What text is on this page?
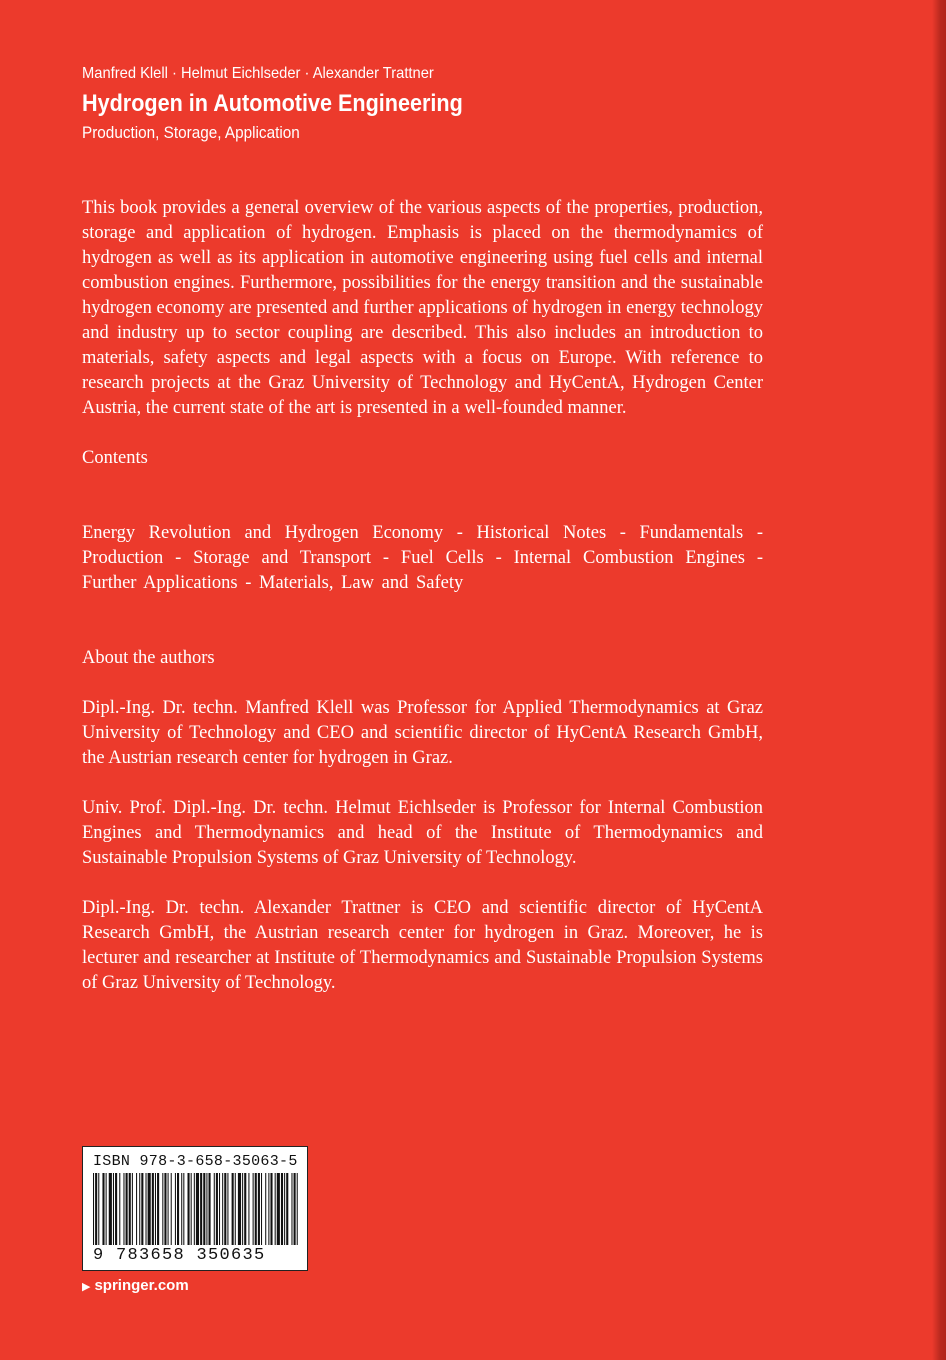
Manfred Klell · Helmut Eichlseder · Alexander Trattner

Hydrogen in Automotive Engineering

Production, Storage, Application

This book provides a general overview of the various aspects of the properties, production, storage and application of hydrogen. Emphasis is placed on the thermodynamics of hydrogen as well as its application in automotive engineering using fuel cells and internal combustion engines. Furthermore, possibilities for the energy transition and the sustainable hydrogen economy are presented and further applications of hydrogen in energy technology and industry up to sector coupling are described. This also includes an introduction to materials, safety aspects and legal aspects with a focus on Europe. With reference to research projects at the Graz University of Technology and HyCentA, Hydrogen Center Austria, the current state of the art is presented in a well-founded manner.

Contents

Energy Revolution and Hydrogen Economy - Historical Notes - Fundamentals - Production - Storage and Transport - Fuel Cells - Internal Combustion Engines - Further Applications - Materials, Law and Safety

About the authors

Dipl.-Ing. Dr. techn. Manfred Klell was Professor for Applied Thermodynamics at Graz University of Technology and CEO and scientific director of HyCentA Research GmbH, the Austrian research center for hydrogen in Graz.

Univ. Prof. Dipl.-Ing. Dr. techn. Helmut Eichlseder is Professor for Internal Combustion Engines and Thermodynamics and head of the Institute of Thermodynamics and Sustainable Propulsion Systems of Graz University of Technology.

Dipl.-Ing. Dr. techn. Alexander Trattner is CEO and scientific director of HyCentA Research GmbH, the Austrian research center for hydrogen in Graz. Moreover, he is lecturer and researcher at Institute of Thermodynamics and Sustainable Propulsion Systems of Graz University of Technology.

ISBN 978-3-658-35063-5
9 783658 350635
▶ springer.com
